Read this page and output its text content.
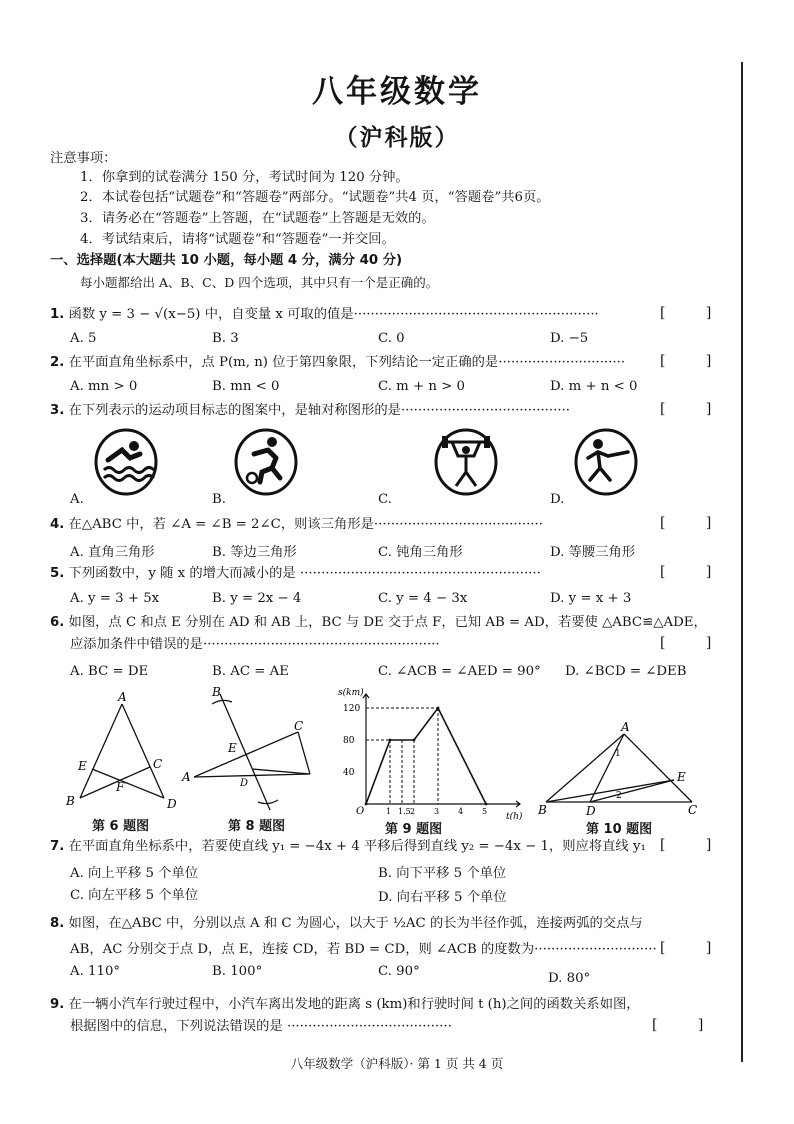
八年级数学
（沪科版）
注意事项：
1．你拿到的试卷满分 150 分，考试时间为 120 分钟。
2．本试卷包括“试题卷”和“答题卷”两部分。“试题卷”共4 页，“答题卷”共6页。
3．请务必在“答题卷”上答题，在“试题卷”上答题是无效的。
4．考试结束后，请将“试题卷”和“答题卷”一并交回。
一、选择题(本大题共 10 小题，每小题 4 分，满分 40 分)
每小题都给出 A、B、C、D 四个选项，其中只有一个是正确的。
1. 函数 y = 3 − √(x−5) 中，自变量 x 可取的值是··························································	[ ]
A. 5	B. 3	C. 0	D. −5
2. 在平面直角坐标系中，点 P(m, n) 位于第四象限，下列结论一定正确的是······························ [ ]
A. mn > 0	B. mn < 0	C. m + n > 0	D. m + n < 0
3. 在下列表示的运动项目标志的图案中，是轴对称图形的是········································	[ ]
A.	B.	C.	D.
4. 在△ABC 中，若 ∠A = ∠B = 2∠C，则该三角形是········································	[ ]
A. 直角三角形	B. 等边三角形	C. 钝角三角形	D. 等腰三角形
5. 下列函数中，y 随 x 的增大而减小的是 ·························································	[ ]
A. y = 3 + 5x	B. y = 2x − 4	C. y = 4 − 3x	D. y = x + 3
6. 如图，点 C 和点 E 分别在 AD 和 AB 上，BC 与 DE 交于点 F，已知 AB = AD，若要使 △ABC≌△ADE，
应添加条件中错误的是························································	[ ]
A. BC = DE	B. AC = AE	C. ∠ACB = ∠AED = 90° D. ∠BCD = ∠DEB
A
B
C
D
E
F
第 6 题图
A
B
C
D
E
第 8 题图
40
80
120
1 1.5 2 3 4 5
s(km)
t(h)
O
第 9 题图
A
B	C
D
E
1
2
第 10 题图
7. 在平面直角坐标系中，若要使直线 y₁ = −4x + 4 平移后得到直线 y₂ = −4x − 1，则应将直线 y₁ [ ]
A. 向上平移 5 个单位	B. 向下平移 5 个单位
C. 向左平移 5 个单位	D. 向右平移 5 个单位
8. 如图，在△ABC 中，分别以点 A 和 C 为圆心，以大于 ½AC 的长为半径作弧，连接两弧的交点与
AB，AC 分别交于点 D，点 E，连接 CD，若 BD = CD，则 ∠ACB 的度数为····························· [ ]
A. 110°	B. 100°	C. 90°	D. 80°
9. 在一辆小汽车行驶过程中，小汽车离出发地的距离 s (km)和行驶时间 t (h)之间的函数关系如图，
根据图中的信息，下列说法错误的是 ·······································	[ ]
八年级数学（沪科版）· 第 1 页 共 4 页
